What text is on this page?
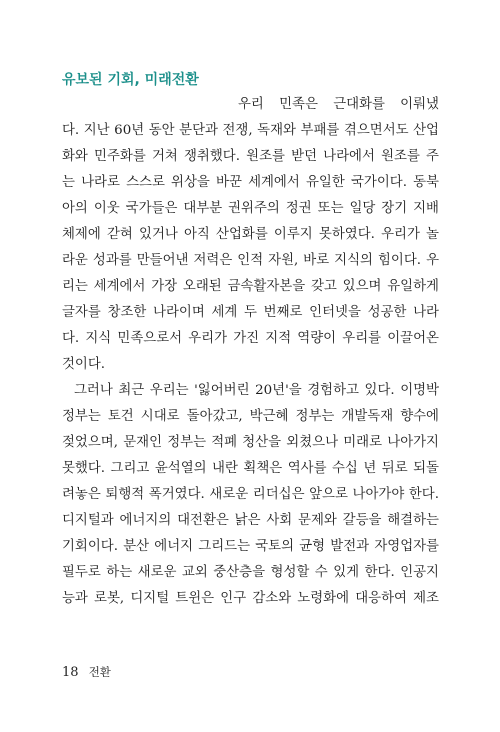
유보된 기회, 미래전환
우리 민족은 근대화를 이뤄냈
다. 지난 60년 동안 분단과 전쟁, 독재와 부패를 겪으면서도 산업
화와 민주화를 거쳐 쟁취했다. 원조를 받던 나라에서 원조를 주
는 나라로 스스로 위상을 바꾼 세계에서 유일한 국가이다. 동북
아의 이웃 국가들은 대부분 권위주의 정권 또는 일당 장기 지배
체제에 갇혀 있거나 아직 산업화를 이루지 못하였다. 우리가 놀
라운 성과를 만들어낸 저력은 인적 자원, 바로 지식의 힘이다. 우
리는 세계에서 가장 오래된 금속활자본을 갖고 있으며 유일하게
글자를 창조한 나라이며 세계 두 번째로 인터넷을 성공한 나라
다. 지식 민족으로서 우리가 가진 지적 역량이 우리를 이끌어온
것이다.
그러나 최근 우리는 '잃어버린 20년'을 경험하고 있다. 이명박
정부는 토건 시대로 돌아갔고, 박근혜 정부는 개발독재 향수에
젖었으며, 문재인 정부는 적폐 청산을 외쳤으나 미래로 나아가지
못했다. 그리고 윤석열의 내란 획책은 역사를 수십 년 뒤로 되돌
려놓은 퇴행적 폭거였다. 새로운 리더십은 앞으로 나아가야 한다.
디지털과 에너지의 대전환은 낡은 사회 문제와 갈등을 해결하는
기회이다. 분산 에너지 그리드는 국토의 균형 발전과 자영업자를
필두로 하는 새로운 교외 중산층을 형성할 수 있게 한다. 인공지
능과 로봇, 디지털 트윈은 인구 감소와 노령화에 대응하여 제조
18 전환
